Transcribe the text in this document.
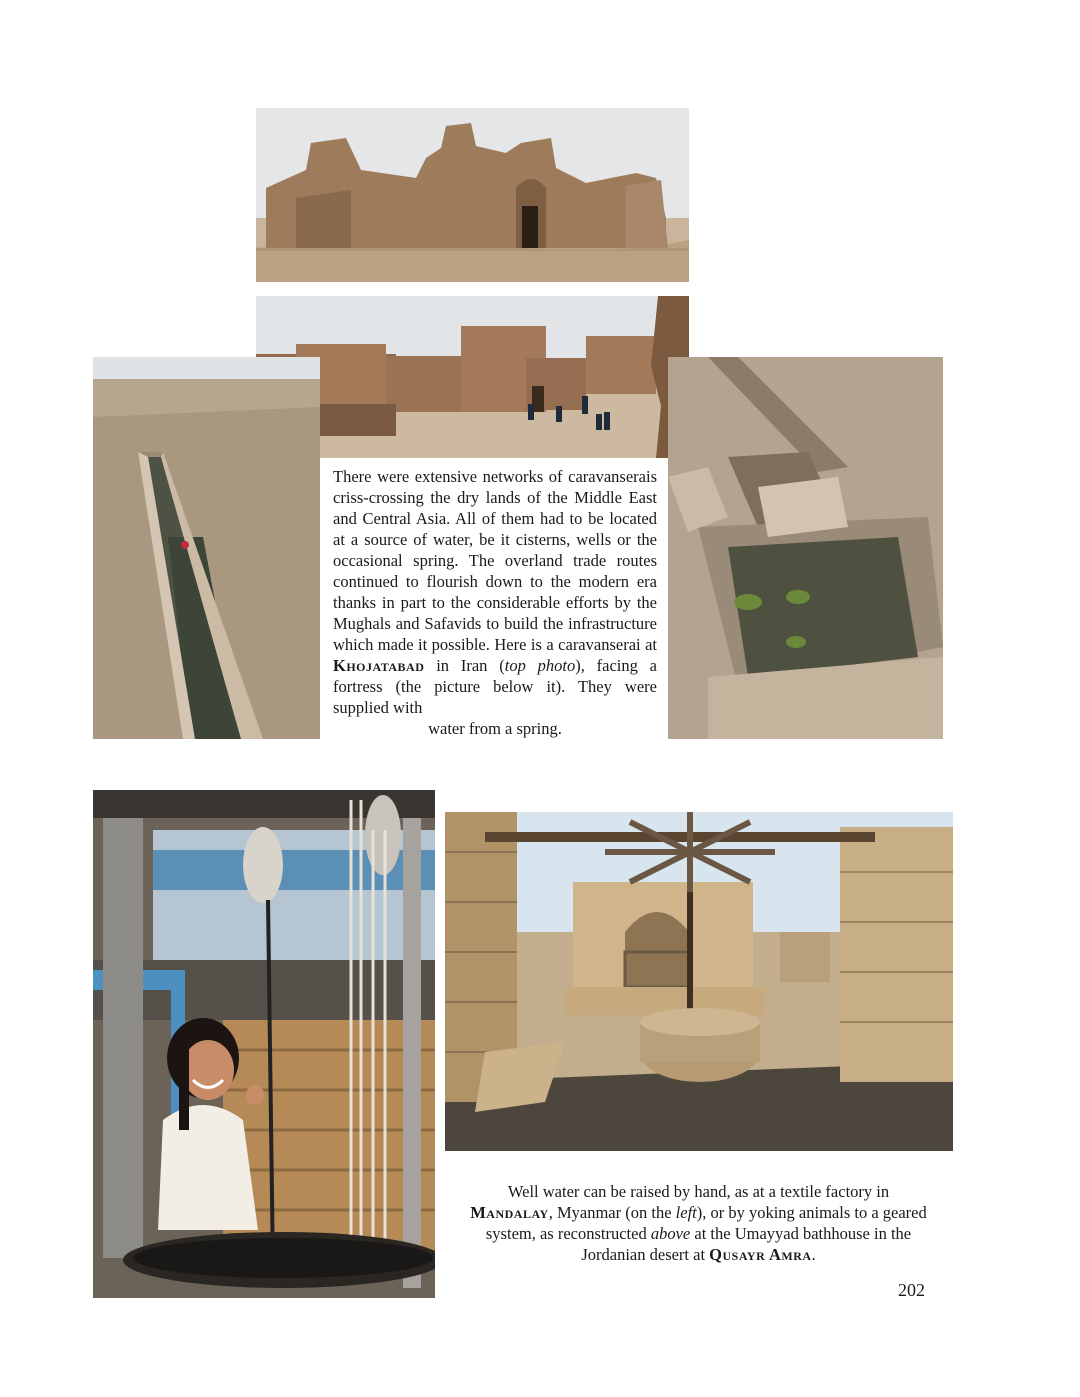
There were extensive networks of caravanserais criss-crossing the dry lands of the Middle East and Central Asia. All of them had to be located at a source of water, be it cisterns, wells or the occasional spring. The overland trade routes continued to flourish down to the modern era thanks in part to the considerable efforts by the Mughals and Safavids to build the infrastructure which made it possible. Here is a caravanserai at Khojatabad in Iran (top photo), facing a fortress (the picture below it). They were supplied with
water from a spring.
Well water can be raised by hand, as at a textile factory in Mandalay, Myanmar (on the left), or by yoking animals to a geared system, as reconstructed above at the Umayyad bathhouse in the Jordanian desert at Qusayr Amra.
202
